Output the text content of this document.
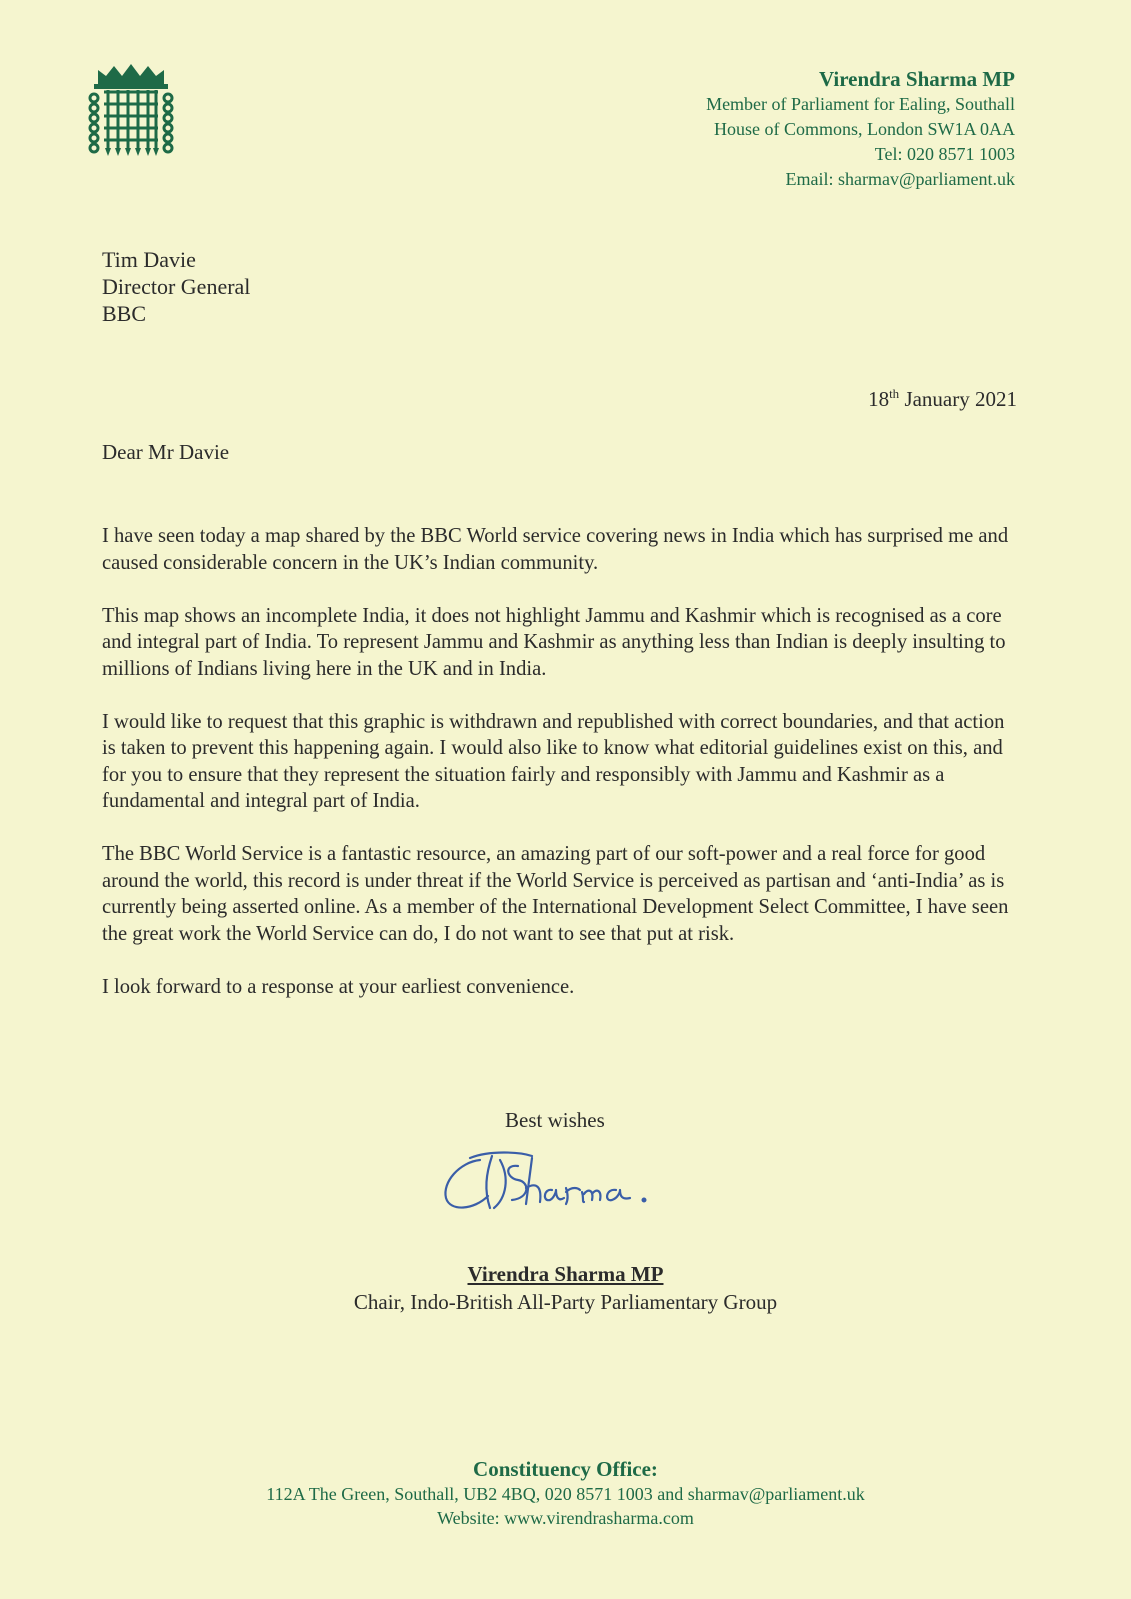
Virendra Sharma MP
Member of Parliament for Ealing, Southall
House of Commons, London SW1A 0AA
Tel: 020 8571 1003
Email: sharmav@parliament.uk
Tim Davie
Director General
BBC
18th January 2021
Dear Mr Davie

I have seen today a map shared by the BBC World service covering news in India which has surprised me and caused considerable concern in the UK’s Indian community.

This map shows an incomplete India, it does not highlight Jammu and Kashmir which is recognised as a core and integral part of India. To represent Jammu and Kashmir as anything less than Indian is deeply insulting to millions of Indians living here in the UK and in India.

I would like to request that this graphic is withdrawn and republished with correct boundaries, and that action is taken to prevent this happening again. I would also like to know what editorial guidelines exist on this, and for you to ensure that they represent the situation fairly and responsibly with Jammu and Kashmir as a fundamental and integral part of India.

The BBC World Service is a fantastic resource, an amazing part of our soft-power and a real force for good around the world, this record is under threat if the World Service is perceived as partisan and ‘anti-India’ as is currently being asserted online. As a member of the International Development Select Committee, I have seen the great work the World Service can do, I do not want to see that put at risk.

I look forward to a response at your earliest convenience.

Best wishes
Virendra Sharma MP
Chair, Indo-British All-Party Parliamentary Group
Constituency Office:
112A The Green, Southall, UB2 4BQ, 020 8571 1003 and sharmav@parliament.uk
Website: www.virendrasharma.com
